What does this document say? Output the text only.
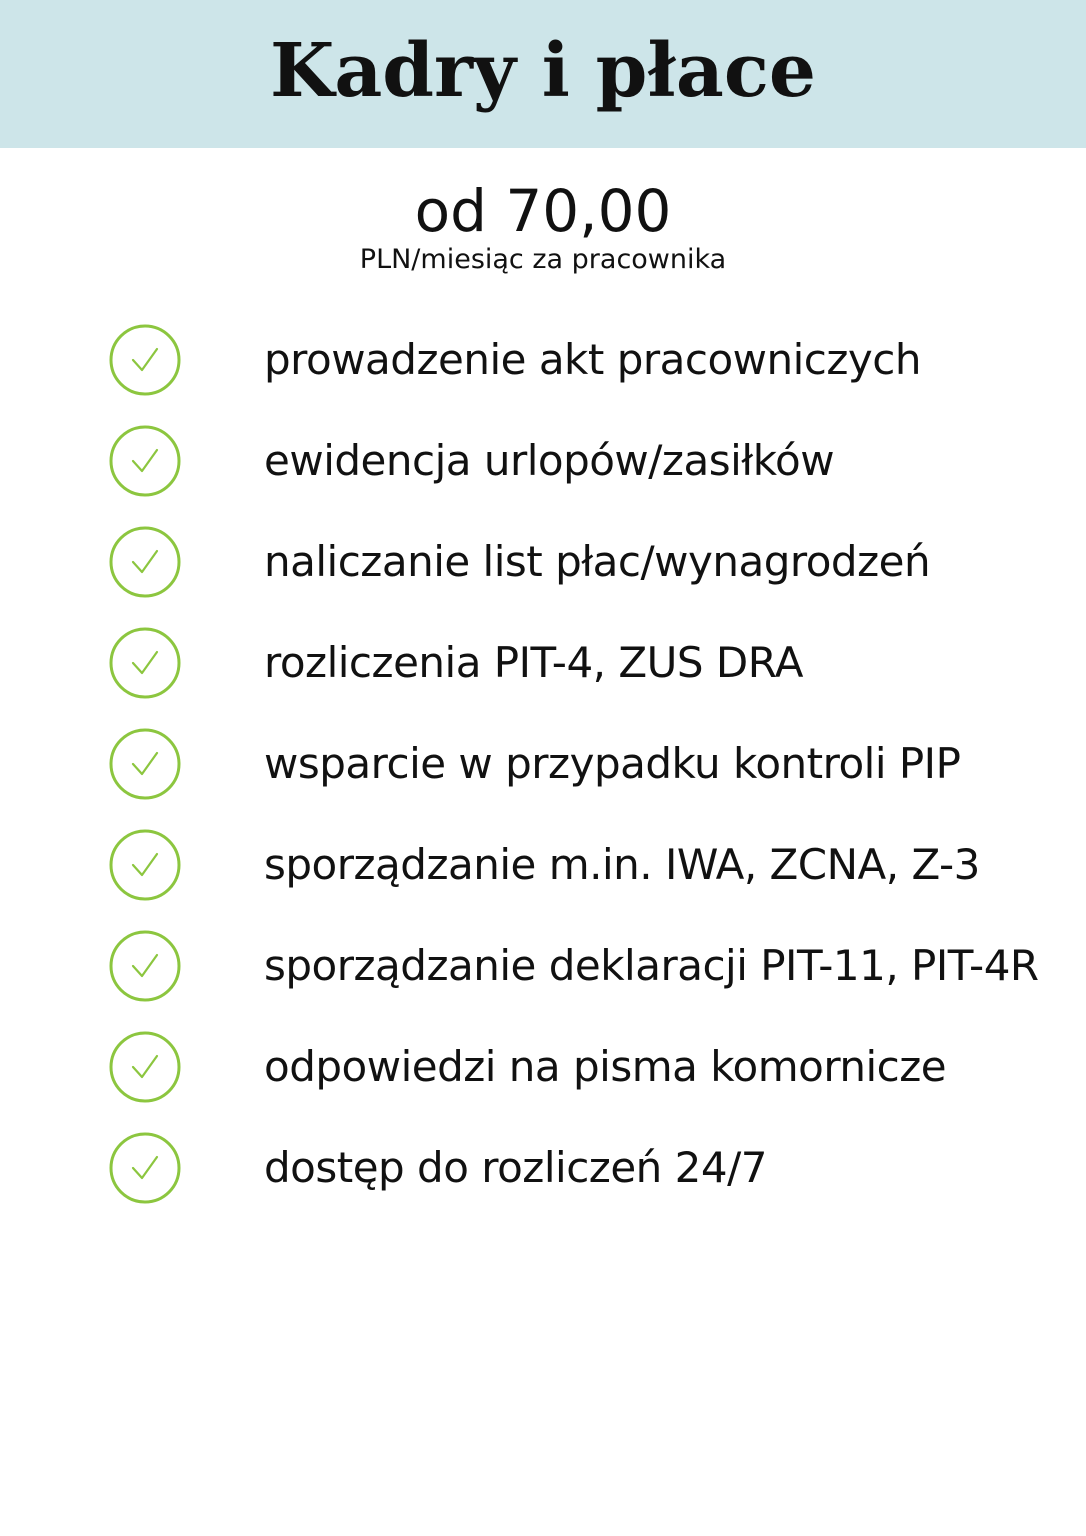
Kadry i płace
od 70,00
PLN/miesiąc za pracownika
prowadzenie akt pracowniczych
ewidencja urlopów/zasiłków
naliczanie list płac/wynagrodzeń
rozliczenia PIT-4, ZUS DRA
wsparcie w przypadku kontroli PIP
sporządzanie m.in. IWA, ZCNA, Z-3
sporządzanie deklaracji PIT-11, PIT-4R
odpowiedzi na pisma komornicze
dostęp do rozliczeń 24/7
